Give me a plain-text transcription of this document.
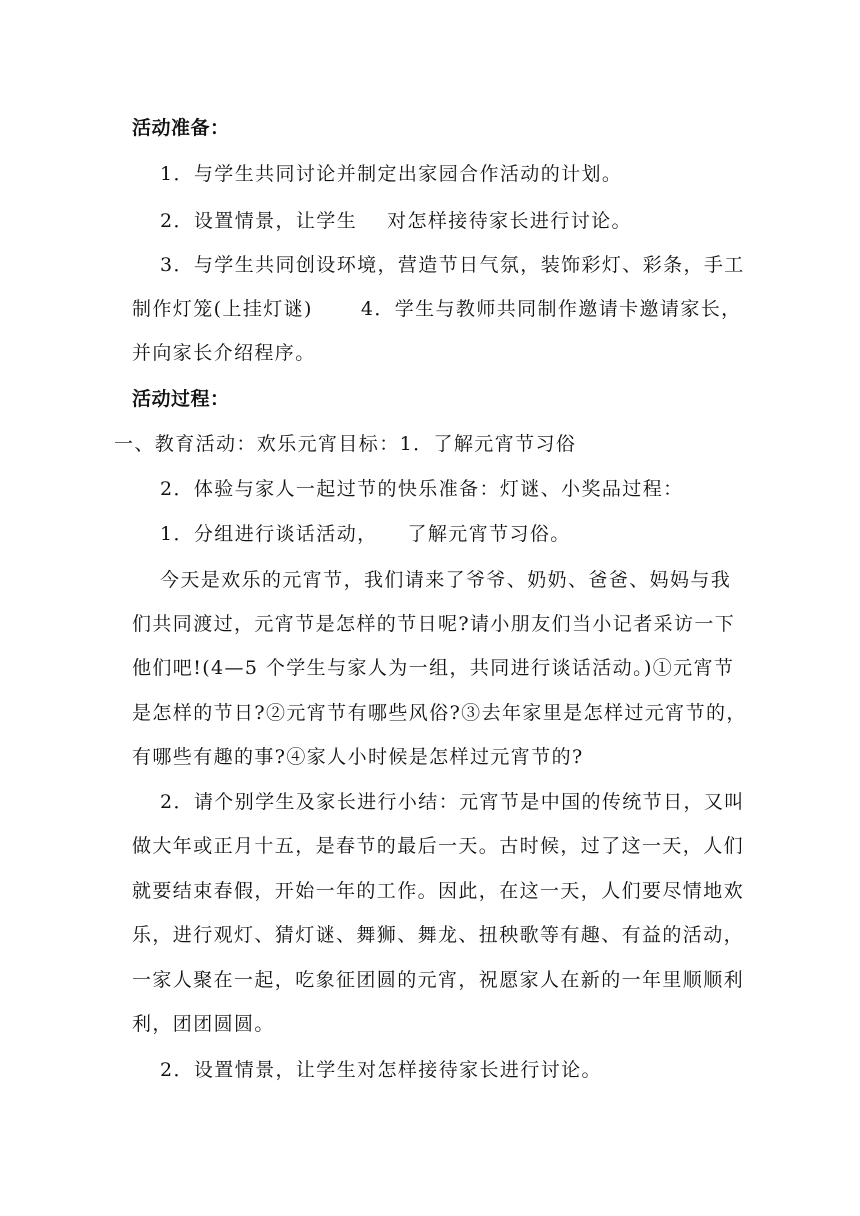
活动准备：
1．与学生共同讨论并制定出家园合作活动的计划。
2．设置情景，让学生 对怎样接待家长进行讨论。
3．与学生共同创设环境，营造节日气氛，装饰彩灯、彩条，手工
制作灯笼(上挂灯谜)	4．学生与教师共同制作邀请卡邀请家长，
并向家长介绍程序。
活动过程：
一、教育活动：欢乐元宵目标：1．了解元宵节习俗
2．体验与家人一起过节的快乐准备：灯谜、小奖品过程：
1．分组进行谈话活动， 了解元宵节习俗。
今天是欢乐的元宵节，我们请来了爷爷、奶奶、爸爸、妈妈与我
们共同渡过，元宵节是怎样的节日呢?请小朋友们当小记者采访一下
他们吧!(4—5 个学生与家人为一组，共同进行谈话活动。)①元宵节
是怎样的节日?②元宵节有哪些风俗?③去年家里是怎样过元宵节的，
有哪些有趣的事?④家人小时候是怎样过元宵节的?
2．请个别学生及家长进行小结：元宵节是中国的传统节日，又叫
做大年或正月十五，是春节的最后一天。古时候，过了这一天，人们
就要结束春假，开始一年的工作。因此，在这一天，人们要尽情地欢
乐，进行观灯、猜灯谜、舞狮、舞龙、扭秧歌等有趣、有益的活动，
一家人聚在一起，吃象征团圆的元宵，祝愿家人在新的一年里顺顺利
利，团团圆圆。
2．设置情景，让学生对怎样接待家长进行讨论。
